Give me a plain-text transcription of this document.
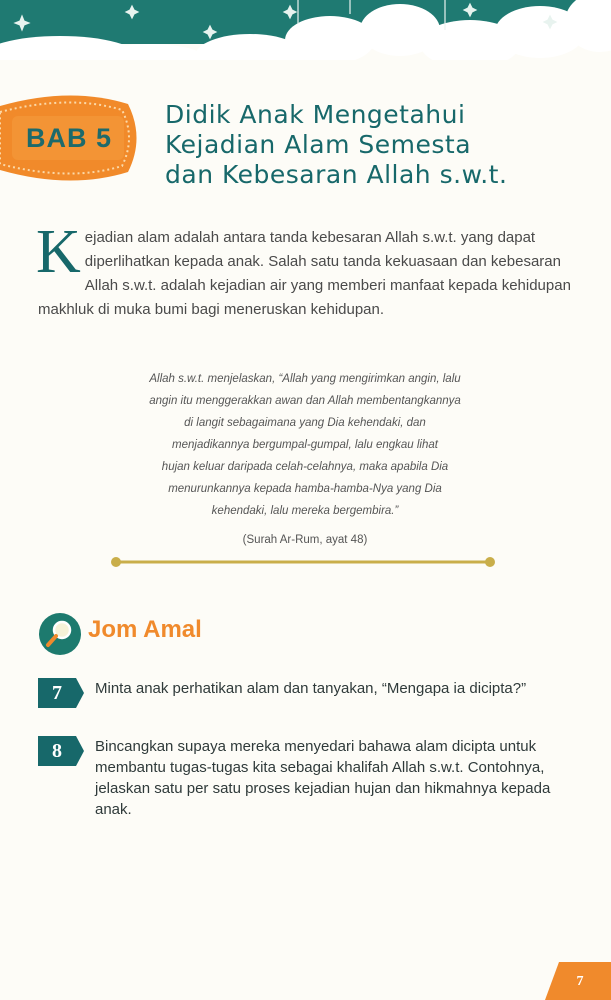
BAB 5
Didik Anak Mengetahui
Kejadian Alam Semesta
dan Kebesaran Allah s.w.t.
Kejadian alam adalah antara tanda kebesaran Allah s.w.t. yang dapat diperlihatkan kepada anak. Salah satu tanda kekuasaan dan kebesaran Allah s.w.t. adalah kejadian air yang memberi manfaat kepada kehidupan makhluk di muka bumi bagi meneruskan kehidupan.
Allah s.w.t. menjelaskan, “Allah yang mengirimkan angin, lalu
angin itu menggerakkan awan dan Allah membentangkannya
di langit sebagaimana yang Dia kehendaki, dan
menjadikannya bergumpal-gumpal, lalu engkau lihat
hujan keluar daripada celah-celahnya, maka apabila Dia
menurunkannya kepada hamba-hamba-Nya yang Dia
kehendaki, lalu mereka bergembira.”
(Surah Ar-Rum, ayat 48)
Jom Amal
7	Minta anak perhatikan alam dan tanyakan, “Mengapa ia dicipta?”
8	Bincangkan supaya mereka menyedari bahawa alam dicipta untuk membantu tugas-tugas kita sebagai khalifah Allah s.w.t. Contohnya, jelaskan satu per satu proses kejadian hujan dan hikmahnya kepada anak.
7
